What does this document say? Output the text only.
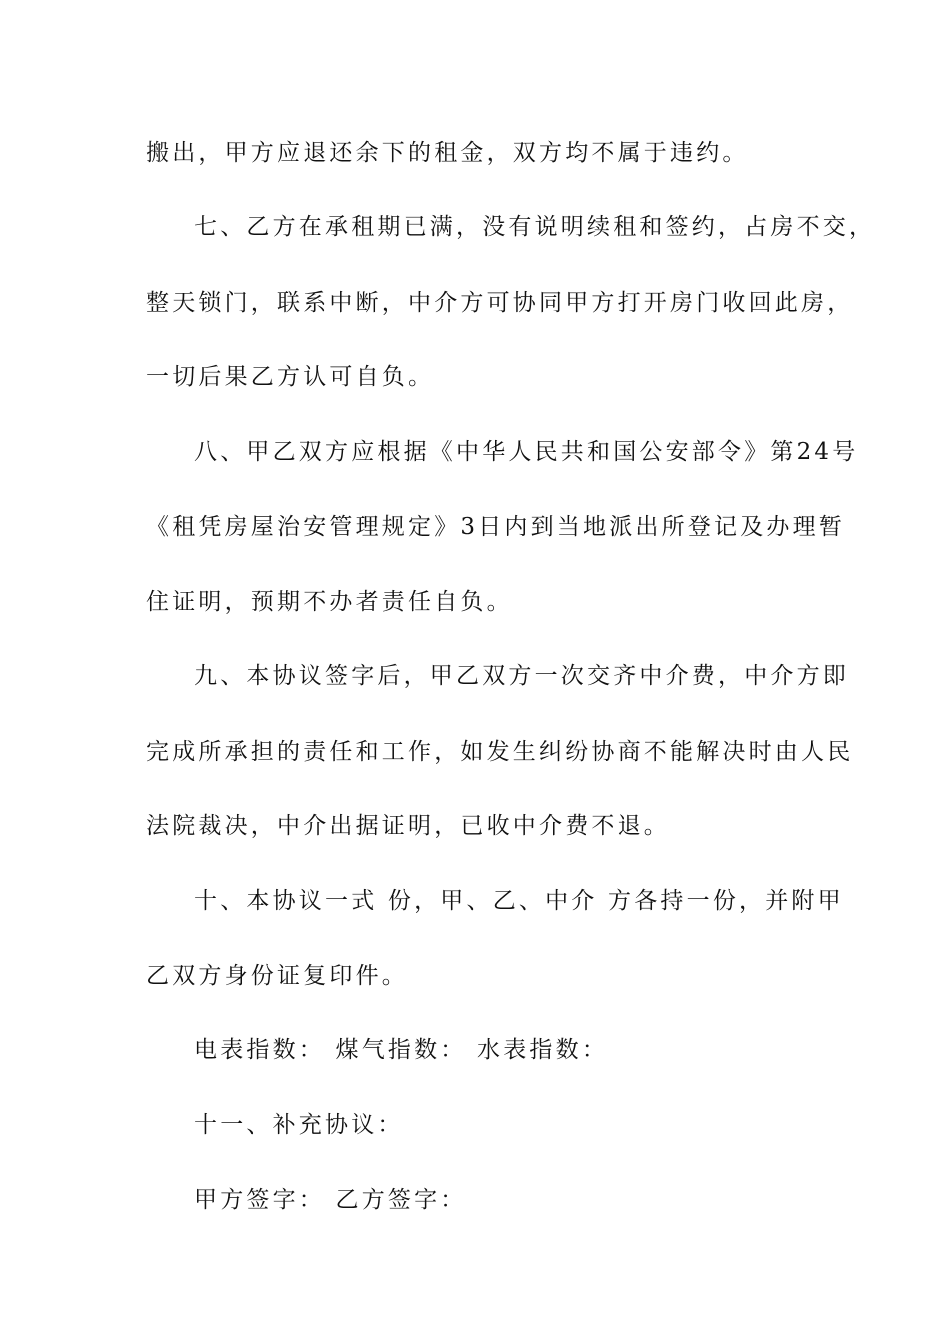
搬出，甲方应退还余下的租金，双方均不属于违约。
七、乙方在承租期已满，没有说明续租和签约，占房不交，
整天锁门，联系中断，中介方可协同甲方打开房门收回此房，
一切后果乙方认可自负。
八、甲乙双方应根据《中华人民共和国公安部令》第24号
《租凭房屋治安管理规定》3日内到当地派出所登记及办理暂
住证明，预期不办者责任自负。
九、本协议签字后，甲乙双方一次交齐中介费，中介方即
完成所承担的责任和工作，如发生纠纷协商不能解决时由人民
法院裁决，中介出据证明，已收中介费不退。
十、本协议一式 份，甲、乙、中介 方各持一份，并附甲
乙双方身份证复印件。
电表指数： 煤气指数： 水表指数：
十一、补充协议：
甲方签字： 乙方签字：
